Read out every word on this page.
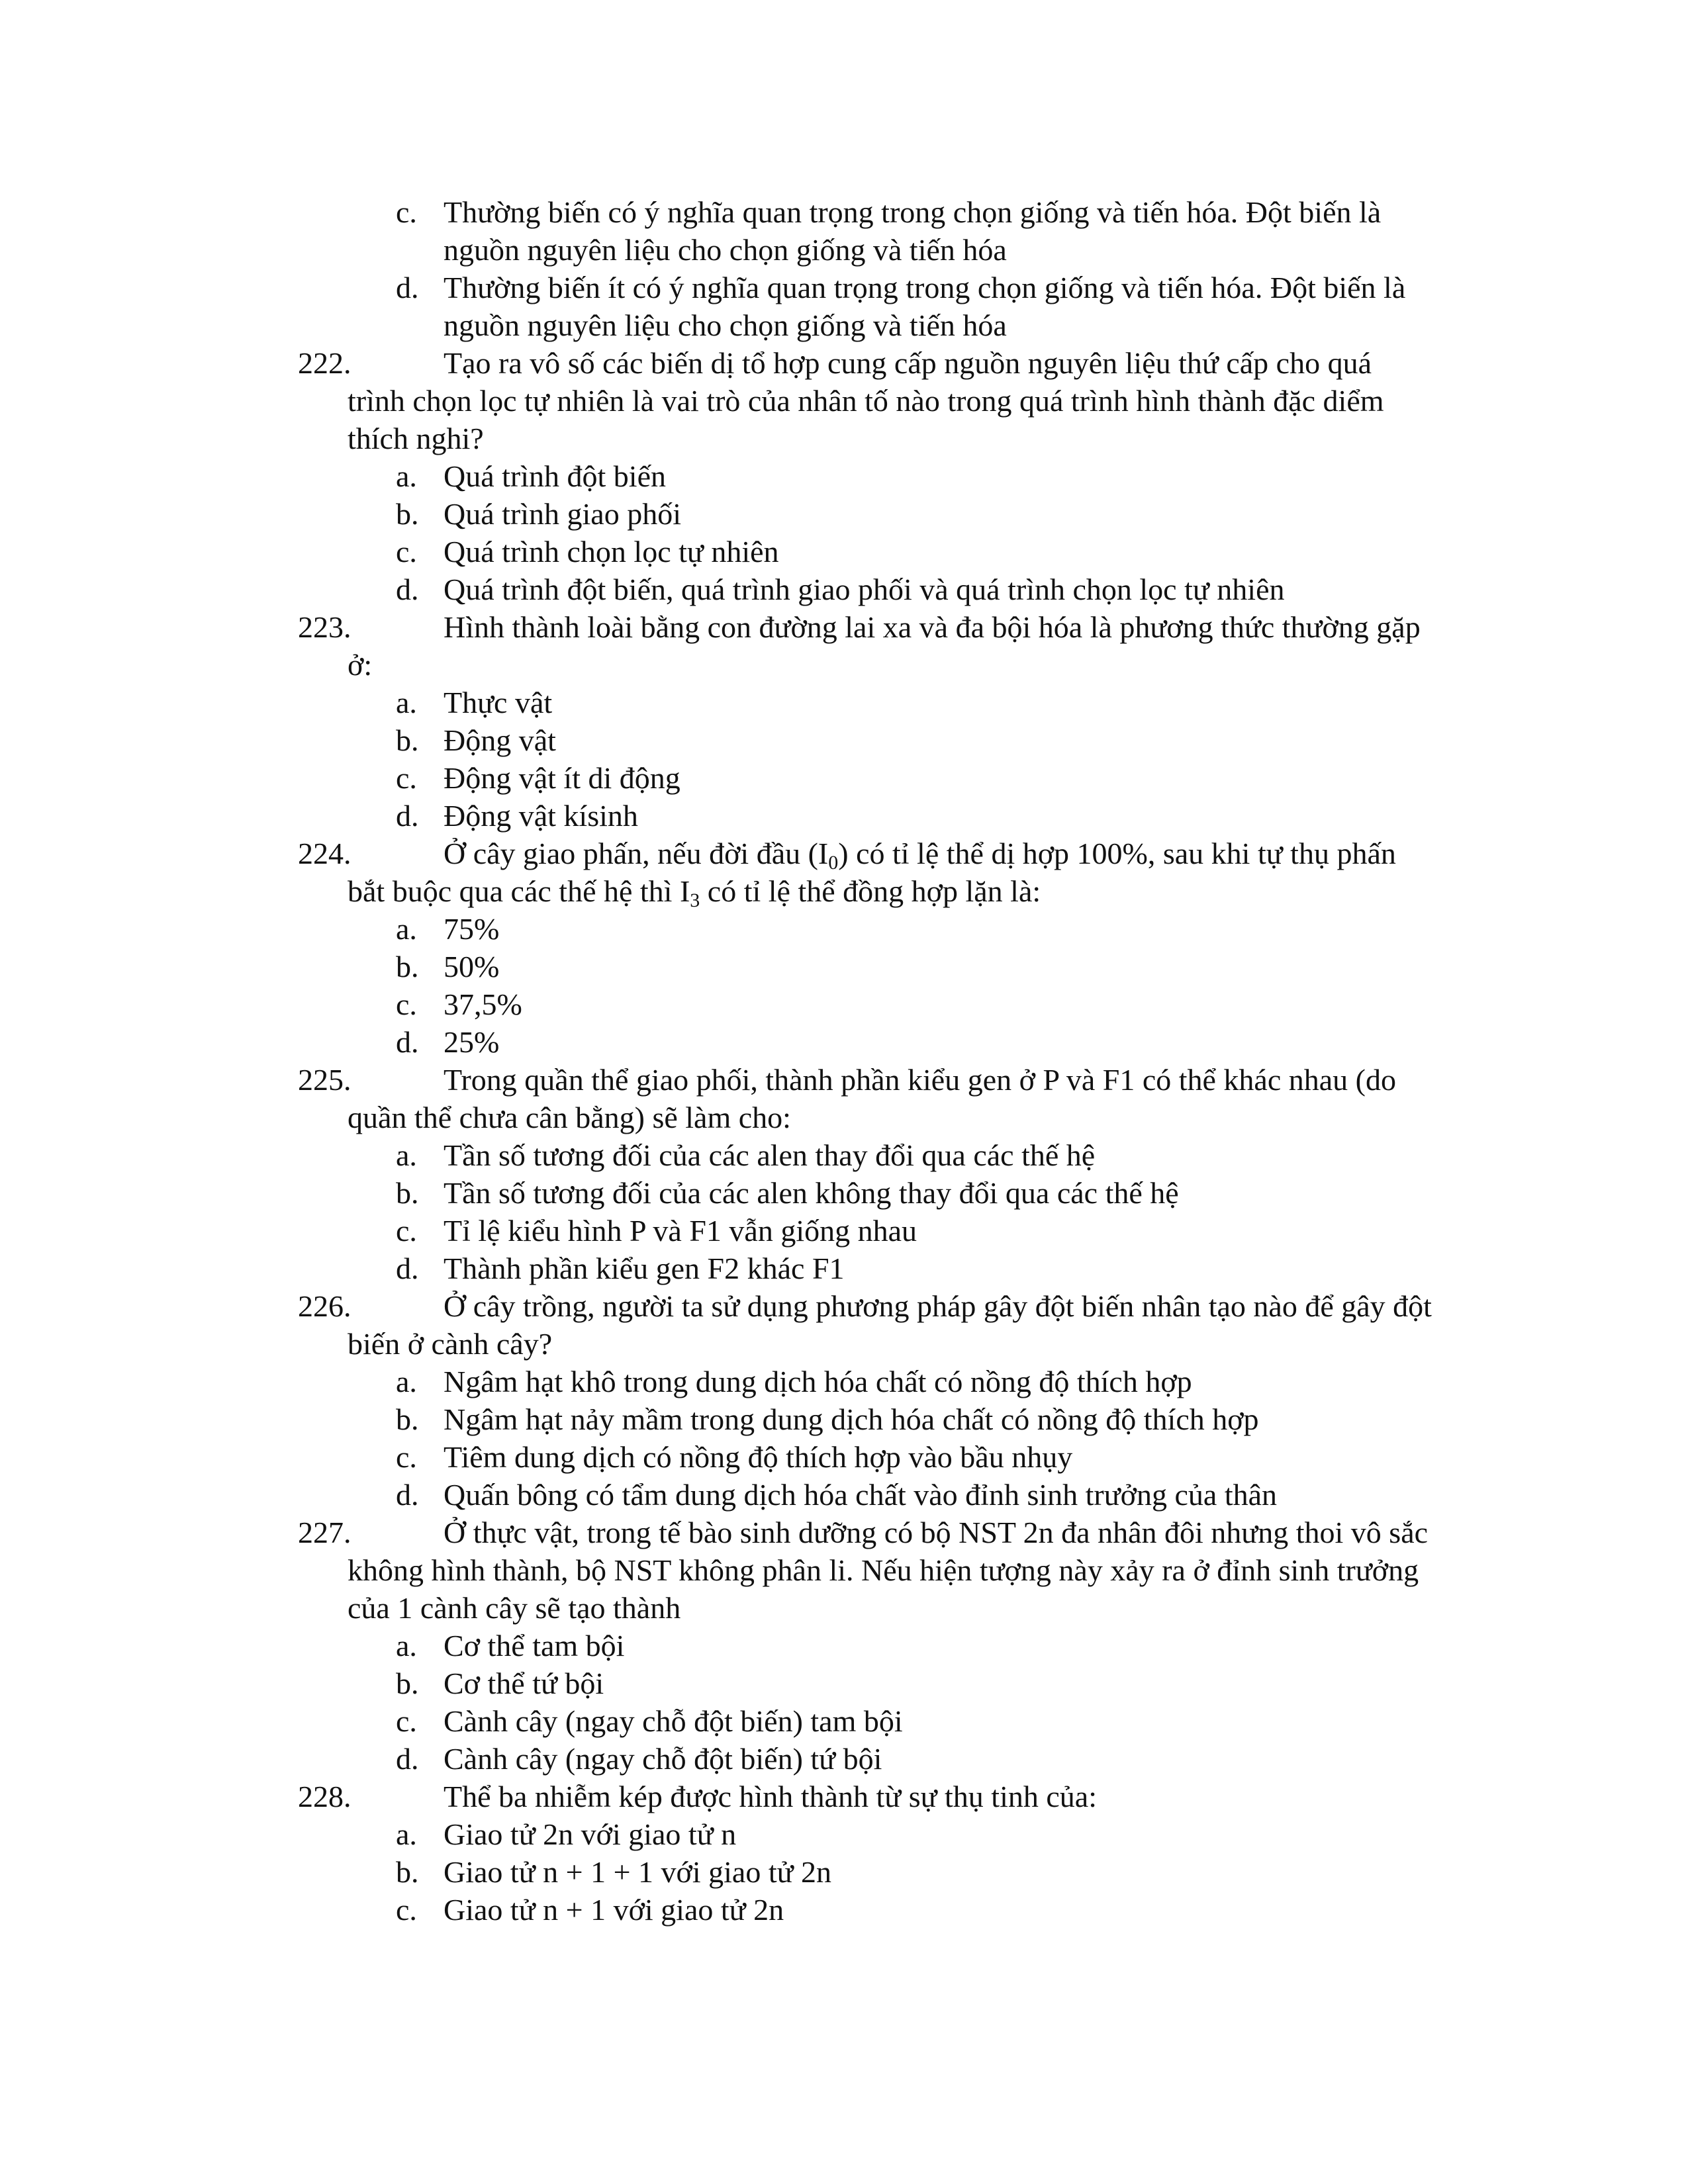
c. Thường biến có ý nghĩa quan trọng trong chọn giống và tiến hóa. Đột biến là nguồn nguyên liệu cho chọn giống và tiến hóa
d. Thường biến ít có ý nghĩa quan trọng trong chọn giống và tiến hóa. Đột biến là nguồn nguyên liệu cho chọn giống và tiến hóa
222.	Tạo ra vô số các biến dị tổ hợp cung cấp nguồn nguyên liệu thứ cấp cho quá trình chọn lọc tự nhiên là vai trò của nhân tố nào trong quá trình hình thành đặc diểm thích nghi?
a. Quá trình đột biến
b. Quá trình giao phối
c. Quá trình chọn lọc tự nhiên
d. Quá trình đột biến, quá trình giao phối và quá trình chọn lọc tự nhiên
223.	Hình thành loài bằng con đường lai xa và đa bội hóa là phương thức thường gặp ở:
a. Thực vật
b. Động vật
c. Động vật ít di động
d. Động vật kísinh
224.	Ở cây giao phấn, nếu đời đầu $(I_0)$ có tỉ lệ thể dị hợp 100%, sau khi tự thụ phấn bắt buộc qua các thế hệ thì $I_3$ có tỉ lệ thể đồng hợp lặn là:
a. 75%
b. 50%
c. 37,5%
d. 25%
225.	Trong quần thể giao phối, thành phần kiểu gen ở P và F1 có thể khác nhau (do quần thể chưa cân bằng) sẽ làm cho:
a. Tần số tương đối của các alen thay đổi qua các thế hệ
b. Tần số tương đối của các alen không thay đổi qua các thế hệ
c. Tỉ lệ kiểu hình P và F1 vẫn giống nhau
d. Thành phần kiểu gen F2 khác F1
226.	Ở cây trồng, người ta sử dụng phương pháp gây đột biến nhân tạo nào để gây đột biến ở cành cây?
a. Ngâm hạt khô trong dung dịch hóa chất có nồng độ thích hợp
b. Ngâm hạt nảy mầm trong dung dịch hóa chất có nồng độ thích hợp
c. Tiêm dung dịch có nồng độ thích hợp vào bầu nhụy
d. Quấn bông có tẩm dung dịch hóa chất vào đỉnh sinh trưởng của thân
227.	Ở thực vật, trong tế bào sinh dưỡng có bộ NST 2n đa nhân đôi nhưng thoi vô sắc không hình thành, bộ NST không phân li. Nếu hiện tượng này xảy ra ở đỉnh sinh trưởng của 1 cành cây sẽ tạo thành
a. Cơ thể tam bội
b. Cơ thể tứ bội
c. Cành cây (ngay chỗ đột biến) tam bội
d. Cành cây (ngay chỗ đột biến) tứ bội
228.	Thể ba nhiễm kép được hình thành từ sự thụ tinh của:
a. Giao tử 2n với giao tử n
b. Giao tử n + 1 + 1 với giao tử 2n
c. Giao tử n + 1 với giao tử 2n
